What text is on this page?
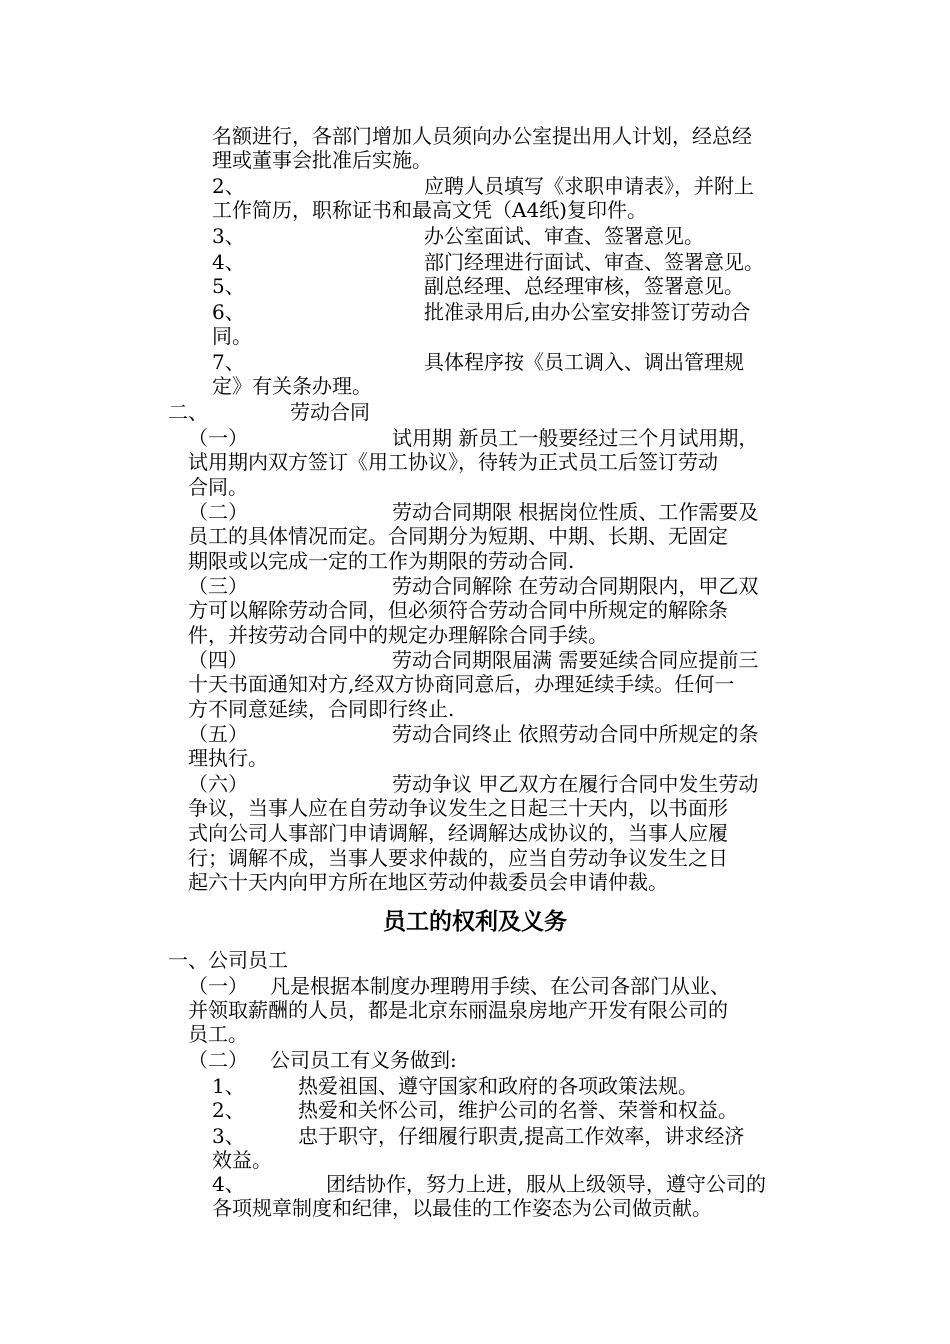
名额进行，各部门增加人员须向办公室提出用人计划，经总经
理或董事会批准后实施。
2、	应聘人员填写《求职申请表》，并附上
工作简历，职称证书和最高文凭（A4纸)复印件。
3、	办公室面试、审查、签署意见。
4、	部门经理进行面试、审查、签署意见。
5、	副总经理、总经理审核，签署意见。
6、	批准录用后,由办公室安排签订劳动合
同。
7、	具体程序按《员工调入、调出管理规
定》有关条办理。
二、	劳动合同
（一）	试用期 新员工一般要经过三个月试用期，
试用期内双方签订《用工协议》，待转为正式员工后签订劳动
合同。
（二）	劳动合同期限 根据岗位性质、工作需要及
员工的具体情况而定。合同期分为短期、中期、长期、无固定
期限或以完成一定的工作为期限的劳动合同.
（三）	劳动合同解除 在劳动合同期限内，甲乙双
方可以解除劳动合同，但必须符合劳动合同中所规定的解除条
件，并按劳动合同中的规定办理解除合同手续。
（四）	劳动合同期限届满 需要延续合同应提前三
十天书面通知对方,经双方协商同意后，办理延续手续。任何一
方不同意延续，合同即行终止.
（五）	劳动合同终止 依照劳动合同中所规定的条
理执行。
（六）	劳动争议 甲乙双方在履行合同中发生劳动
争议，当事人应在自劳动争议发生之日起三十天内，以书面形
式向公司人事部门申请调解，经调解达成协议的，当事人应履
行；调解不成，当事人要求仲裁的，应当自劳动争议发生之日
起六十天内向甲方所在地区劳动仲裁委员会申请仲裁。
员工的权利及义务
一、公司员工
（一） 凡是根据本制度办理聘用手续、在公司各部门从业、
并领取薪酬的人员，都是北京东丽温泉房地产开发有限公司的
员工。
（二） 公司员工有义务做到:
1、	热爱祖国、遵守国家和政府的各项政策法规。
2、	热爱和关怀公司，维护公司的名誉、荣誉和权益。
3、	忠于职守，仔细履行职责,提高工作效率，讲求经济
效益。
4、	团结协作，努力上进，服从上级领导，遵守公司的
各项规章制度和纪律，以最佳的工作姿态为公司做贡献。
